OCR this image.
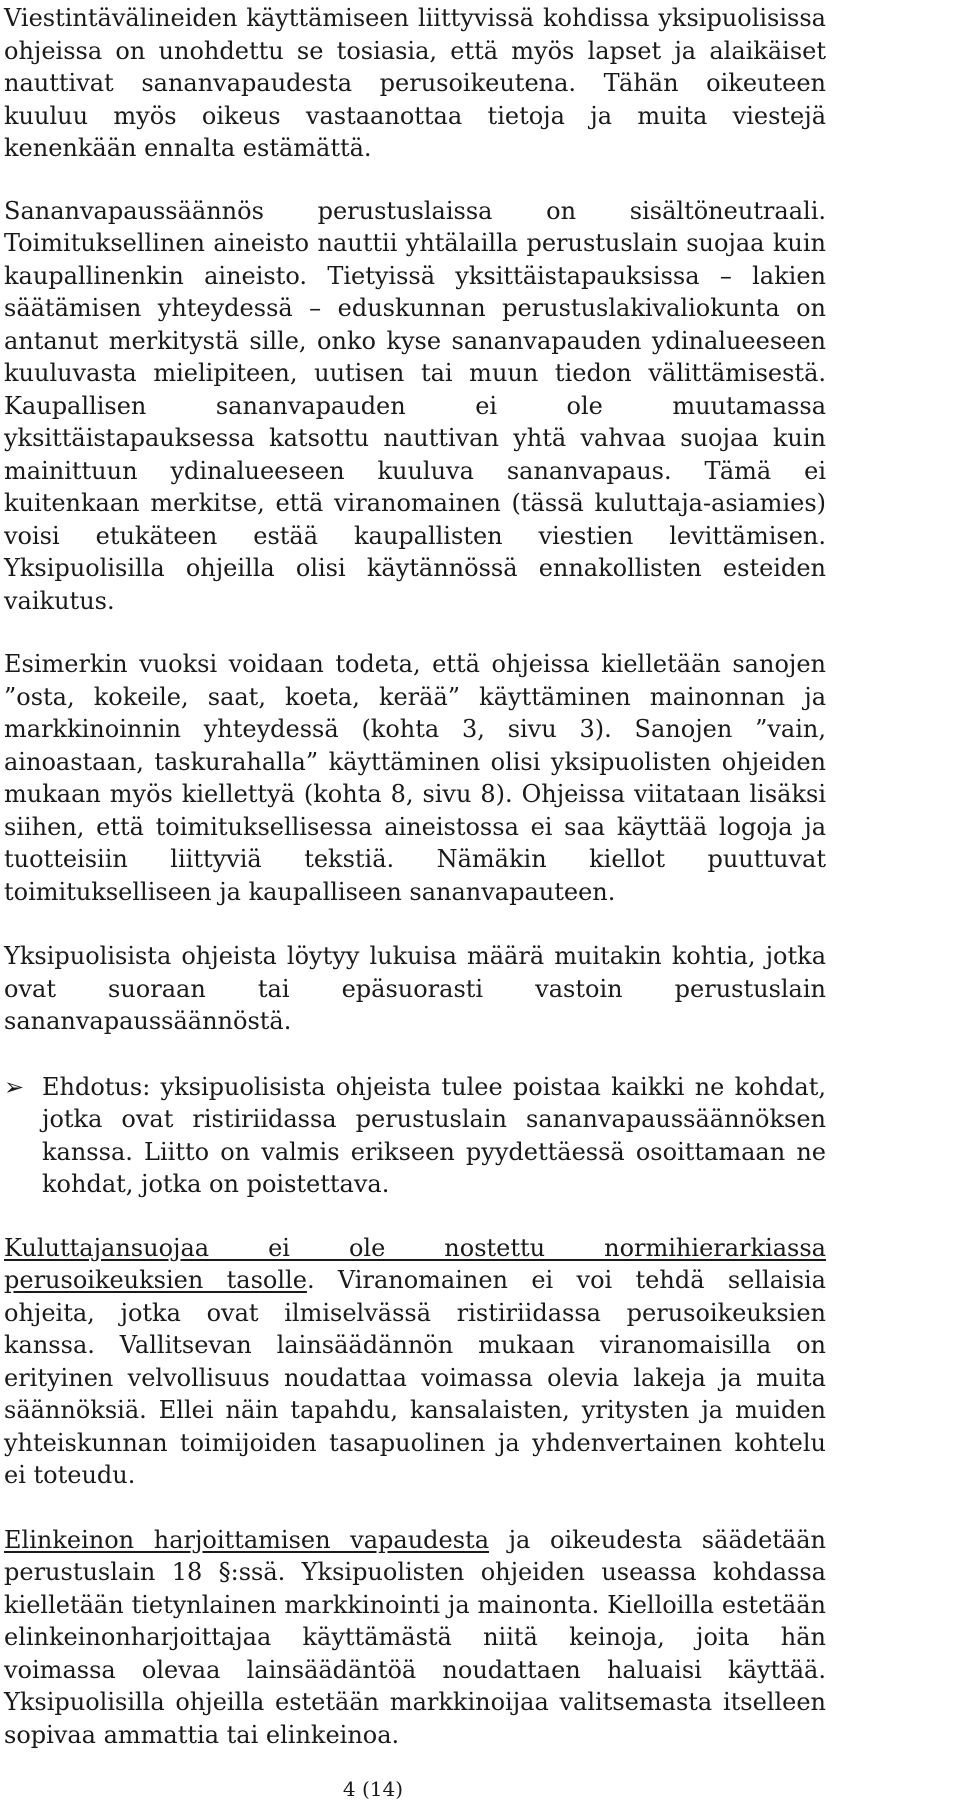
Viestintävälineiden käyttämiseen liittyvissä kohdissa yksipuolisissa ohjeissa on unohdettu se tosiasia, että myös lapset ja alaikäiset nauttivat sananvapaudesta perusoikeutena. Tähän oikeuteen kuuluu myös oikeus vastaanottaa tietoja ja muita viestejä kenenkään ennalta estämättä.

Sananvapaussäännös perustuslaissa on sisältöneutraali. Toimituksellinen aineisto nauttii yhtälailla perustuslain suojaa kuin kaupallinenkin aineisto. Tietyissä yksittäistapauksissa – lakien säätämisen yhteydessä – eduskunnan perustuslakivaliokunta on antanut merkitystä sille, onko kyse sananvapauden ydinalueeseen kuuluvasta mielipiteen, uutisen tai muun tiedon välittämisestä. Kaupallisen sananvapauden ei ole muutamassa yksittäistapauksessa katsottu nauttivan yhtä vahvaa suojaa kuin mainittuun ydinalueeseen kuuluva sananvapaus. Tämä ei kuitenkaan merkitse, että viranomainen (tässä kuluttaja-asiamies) voisi etukäteen estää kaupallisten viestien levittämisen. Yksipuolisilla ohjeilla olisi käytännössä ennakollisten esteiden vaikutus.

Esimerkin vuoksi voidaan todeta, että ohjeissa kielletään sanojen ”osta, kokeile, saat, koeta, kerää” käyttäminen mainonnan ja markkinoinnin yhteydessä (kohta 3, sivu 3). Sanojen ”vain, ainoastaan, taskurahalla” käyttäminen olisi yksipuolisten ohjeiden mukaan myös kiellettyä (kohta 8, sivu 8). Ohjeissa viitataan lisäksi siihen, että toimituksellisessa aineistossa ei saa käyttää logoja ja tuotteisiin liittyviä tekstiä. Nämäkin kiellot puuttuvat toimitukselliseen ja kaupalliseen sananvapauteen.

Yksipuolisista ohjeista löytyy lukuisa määrä muitakin kohtia, jotka ovat suoraan tai epäsuorasti vastoin perustuslain sananvapaussäännöstä.

➢ Ehdotus: yksipuolisista ohjeista tulee poistaa kaikki ne kohdat, jotka ovat ristiriidassa perustuslain sananvapaussäännöksen kanssa. Liitto on valmis erikseen pyydettäessä osoittamaan ne kohdat, jotka on poistettava.

Kuluttajansuojaa ei ole nostettu normihierarkiassa perusoikeuksien tasolle. Viranomainen ei voi tehdä sellaisia ohjeita, jotka ovat ilmiselvässä ristiriidassa perusoikeuksien kanssa. Vallitsevan lainsäädännön mukaan viranomaisilla on erityinen velvollisuus noudattaa voimassa olevia lakeja ja muita säännöksiä. Ellei näin tapahdu, kansalaisten, yritysten ja muiden yhteiskunnan toimijoiden tasapuolinen ja yhdenvertainen kohtelu ei toteudu.

Elinkeinon harjoittamisen vapaudesta ja oikeudesta säädetään perustuslain 18 §:ssä. Yksipuolisten ohjeiden useassa kohdassa kielletään tietynlainen markkinointi ja mainonta. Kielloilla estetään elinkeinonharjoittajaa käyttämästä niitä keinoja, joita hän voimassa olevaa lainsäädäntöä noudattaen haluaisi käyttää. Yksipuolisilla ohjeilla estetään markkinoijaa valitsemasta itselleen sopivaa ammattia tai elinkeinoa.

4 (14)
